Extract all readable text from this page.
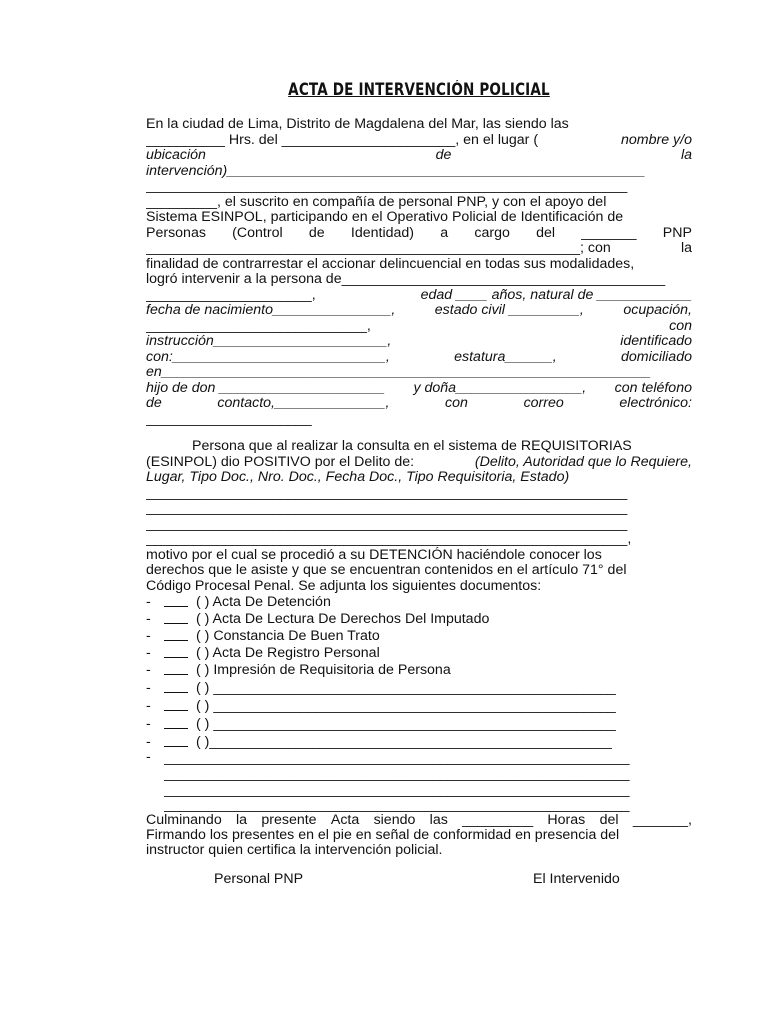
ACTA DE INTERVENCIÓN POLICIAL
En la ciudad de Lima, Distrito de Magdalena del Mar, las siendo las
__________ Hrs. del ______________________, en el lugar (	nombre y/o
ubicación	de	la
intervención)_____________________________________________________
_____________________________________________________________
_________, el suscrito en compañía de personal PNP, y con el apoyo del
Sistema ESINPOL, participando en el Operativo Policial de Identificación de
Personas (Control de Identidad) a cargo del _______ PNP
_______________________________________________________; con	la
finalidad de contrarrestar el accionar delincuencial en todas sus modalidades,
logró intervenir a la persona de_________________________________________
_____________________,	edad ____ años, natural de ____________
fecha de nacimiento_______________,	estado civil _________,	ocupación,
____________________________,	con
instrucción______________________,	identificado
con:___________________________,	estatura______,	domiciliado
en______________________________________________________________
hijo de don _____________________ y doña________________, con teléfono
de	contacto,______________,	con	correo	electrónico:
_____________________
Persona que al realizar la consulta en el sistema de REQUISITORIAS
(ESINPOL) dio POSITIVO por el Delito de:	(Delito, Autoridad que lo Requiere,
Lugar, Tipo Doc., Nro. Doc., Fecha Doc., Tipo Requisitoria, Estado)
_____________________________________________________________
_____________________________________________________________
_____________________________________________________________
_____________________________________________________________,
motivo por el cual se procedió a su DETENCIÓN haciéndole conocer los
derechos que le asiste y que se encuentran contenidos en el artículo 71° del
Código Procesal Penal. Se adjunta los siguientes documentos:
-	( ) Acta De Detención
-	( ) Acta De Lectura De Derechos Del Imputado
-	( ) Constancia De Buen Trato
-	( ) Acta De Registro Personal
-	( ) Impresión de Requisitoria de Persona
-	( ) ___________________________________________________
-	( ) ___________________________________________________
-	( ) ___________________________________________________
-	( )___________________________________________________
- ___________________________________________________________
___________________________________________________________
___________________________________________________________
___________________________________________________________
Culminando la presente Acta siendo las _________ Horas del _______,
Firmando los presentes en el pie en señal de conformidad en presencia del
instructor quien certifica la intervención policial.
Personal PNP	El Intervenido
